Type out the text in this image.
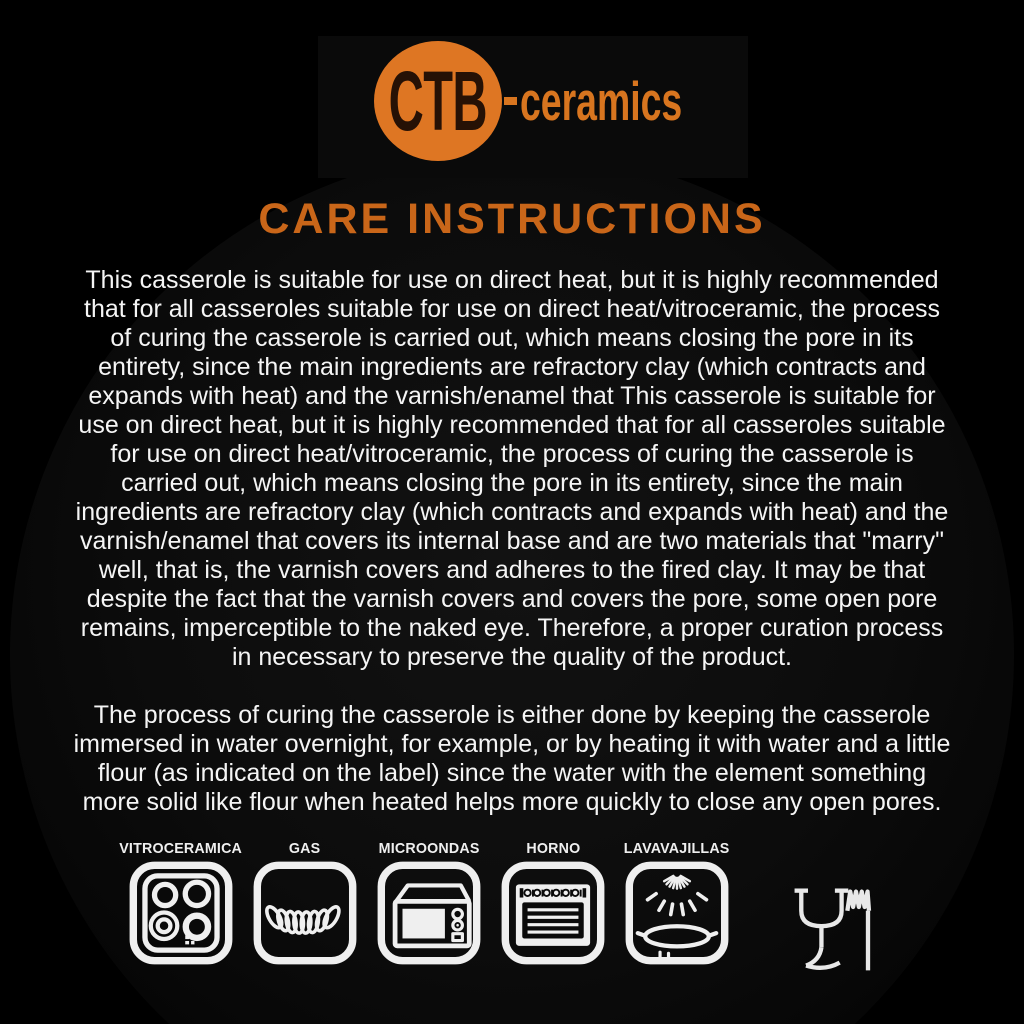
CTB ceramics
CARE INSTRUCTIONS

This casserole is suitable for use on direct heat, but it is highly recommended that for all casseroles suitable for use on direct heat/vitroceramic, the process of curing the casserole is carried out, which means closing the pore in its entirety, since the main ingredients are refractory clay (which contracts and expands with heat) and the varnish/enamel that This casserole is suitable for use on direct heat, but it is highly recommended that for all casseroles suitable for use on direct heat/vitroceramic, the process of curing the casserole is carried out, which means closing the pore in its entirety, since the main ingredients are refractory clay (which contracts and expands with heat) and the varnish/enamel that covers its internal base and are two materials that "marry" well, that is, the varnish covers and adheres to the fired clay. It may be that despite the fact that the varnish covers and covers the pore, some open pore remains, imperceptible to the naked eye. Therefore, a proper curation process in necessary to preserve the quality of the product.

The process of curing the casserole is either done by keeping the casserole immersed in water overnight, for example, or by heating it with water and a little flour (as indicated on the label) since the water with the element something more solid like flour when heated helps more quickly to close any open pores.

VITROCERAMICA	GAS	MICROONDAS	HORNO	LAVAVAJILLAS
